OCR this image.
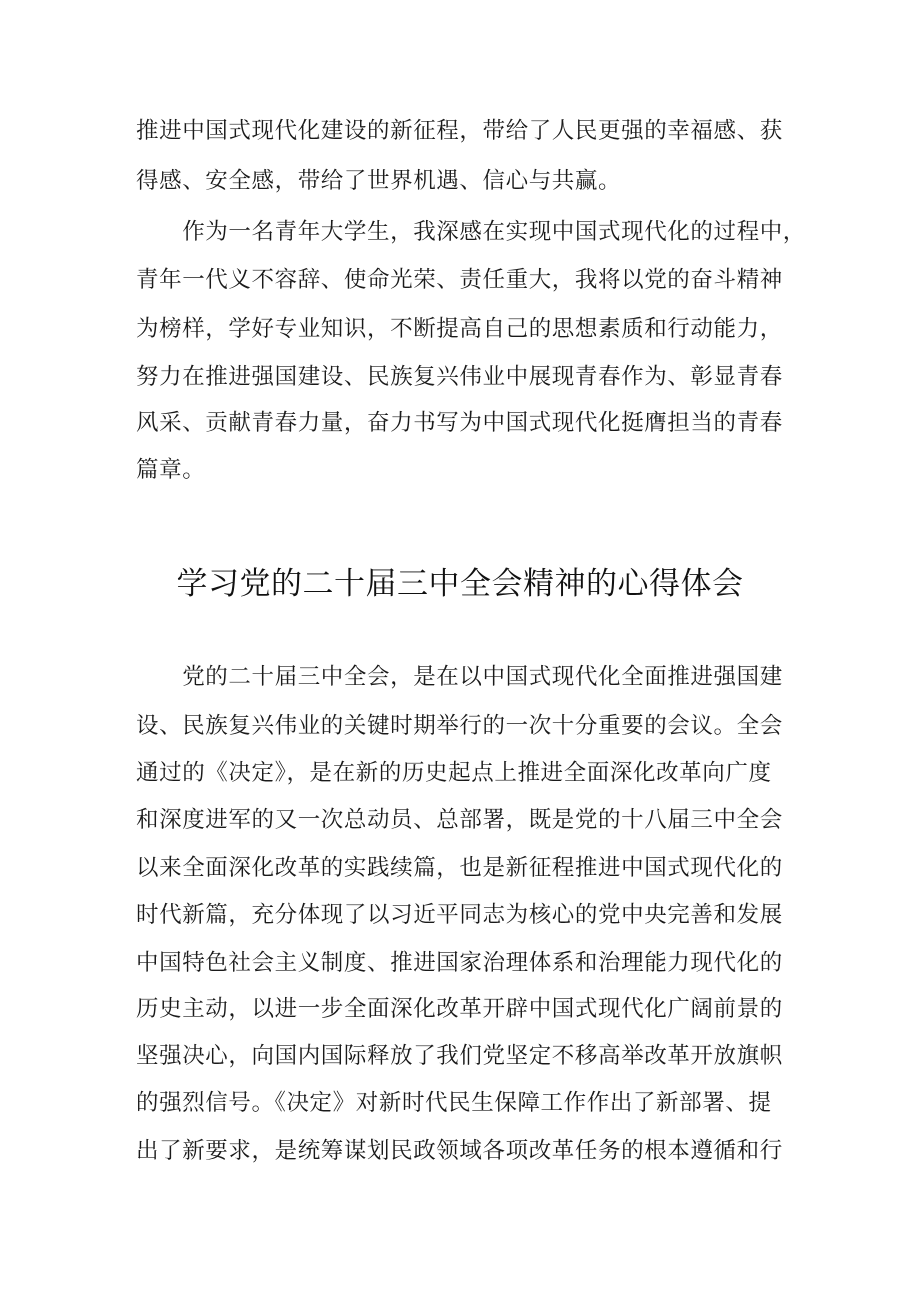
推进中国式现代化建设的新征程，带给了人民更强的幸福感、获
得感、安全感，带给了世界机遇、信心与共赢。
　　作为一名青年大学生，我深感在实现中国式现代化的过程中，
青年一代义不容辞、使命光荣、责任重大，我将以党的奋斗精神
为榜样，学好专业知识，不断提高自己的思想素质和行动能力，
努力在推进强国建设、民族复兴伟业中展现青春作为、彰显青春
风采、贡献青春力量，奋力书写为中国式现代化挺膺担当的青春
篇章。
学习党的二十届三中全会精神的心得体会
　　党的二十届三中全会，是在以中国式现代化全面推进强国建
设、民族复兴伟业的关键时期举行的一次十分重要的会议。全会
通过的《决定》，是在新的历史起点上推进全面深化改革向广度
和深度进军的又一次总动员、总部署，既是党的十八届三中全会
以来全面深化改革的实践续篇，也是新征程推进中国式现代化的
时代新篇，充分体现了以习近平同志为核心的党中央完善和发展
中国特色社会主义制度、推进国家治理体系和治理能力现代化的
历史主动，以进一步全面深化改革开辟中国式现代化广阔前景的
坚强决心，向国内国际释放了我们党坚定不移高举改革开放旗帜
的强烈信号。《决定》对新时代民生保障工作作出了新部署、提
出了新要求，是统筹谋划民政领域各项改革任务的根本遵循和行
